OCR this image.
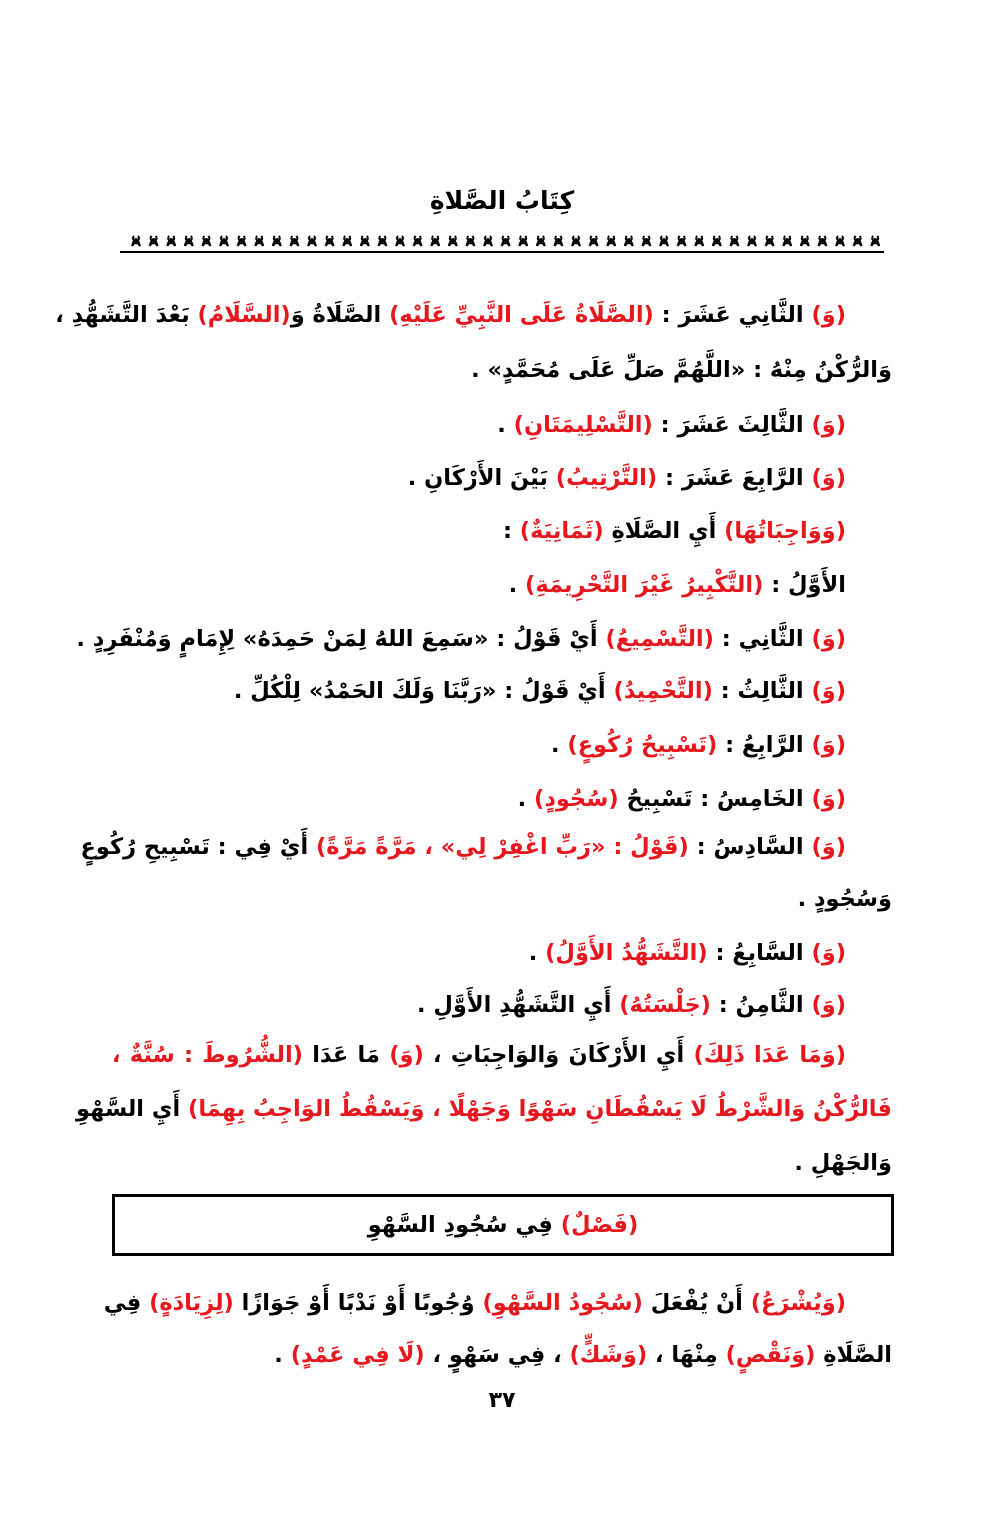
كِتَابُ الصَّلاةِ
(وَ) الثَّانِي عَشَرَ : (الصَّلَاةُ عَلَى النَّبِيِّ عَلَيْهِ) الصَّلَاةُ وَ(السَّلَامُ) بَعْدَ التَّشَهُّدِ ،
وَالرُّكْنُ مِنْهُ : «اللَّهُمَّ صَلِّ عَلَى مُحَمَّدٍ» .
(وَ) الثَّالِثَ عَشَرَ : (التَّسْلِيمَتَانِ) .
(وَ) الرَّابِعَ عَشَرَ : (التَّرْتِيبُ) بَيْنَ الأَرْكَانِ .
(وَوَاجِبَاتُهَا) أَيِ الصَّلَاةِ (ثَمَانِيَةٌ) :
الأَوَّلُ : (التَّكْبِيرُ غَيْرَ التَّحْرِيمَةِ) .
(وَ) الثَّانِي : (التَّسْمِيعُ) أَيْ قَوْلُ : «سَمِعَ اللهُ لِمَنْ حَمِدَهُ» لِإِمَامٍ وَمُنْفَرِدٍ .
(وَ) الثَّالِثُ : (التَّحْمِيدُ) أَيْ قَوْلُ : «رَبَّنَا وَلَكَ الحَمْدُ» لِلْكُلِّ .
(وَ) الرَّابِعُ : (تَسْبِيحُ رُكُوعٍ) .
(وَ) الخَامِسُ : تَسْبِيحُ (سُجُودٍ) .
(وَ) السَّادِسُ : (قَوْلُ : «رَبِّ اغْفِرْ لِي» ، مَرَّةً مَرَّةً) أَيْ فِي : تَسْبِيحِ رُكُوعٍ
وَسُجُودٍ .
(وَ) السَّابِعُ : (التَّشَهُّدُ الأَوَّلُ) .
(وَ) الثَّامِنُ : (جَلْسَتُهُ) أَيِ التَّشَهُّدِ الأَوَّلِ .
(وَمَا عَدَا ذَلِكَ) أَيِ الأَرْكَانَ وَالوَاجِبَاتِ ، (وَ) مَا عَدَا (الشُّرُوطَ : سُنَّةٌ ،
فَالرُّكْنُ وَالشَّرْطُ لَا يَسْقُطَانِ سَهْوًا وَجَهْلًا ، وَيَسْقُطُ الوَاجِبُ بِهِمَا) أَيِ السَّهْوِ
وَالجَهْلِ .
(فَصْلٌ) فِي سُجُودِ السَّهْوِ
(وَيُشْرَعُ) أَنْ يُفْعَلَ (سُجُودُ السَّهْوِ) وُجُوبًا أَوْ نَدْبًا أَوْ جَوَازًا (لِزِيَادَةٍ) فِي
الصَّلَاةِ (وَنَقْصٍ) مِنْهَا ، (وَشَكٍّ) ، فِي سَهْوٍ ، (لَا فِي عَمْدٍ) .
٣٧
